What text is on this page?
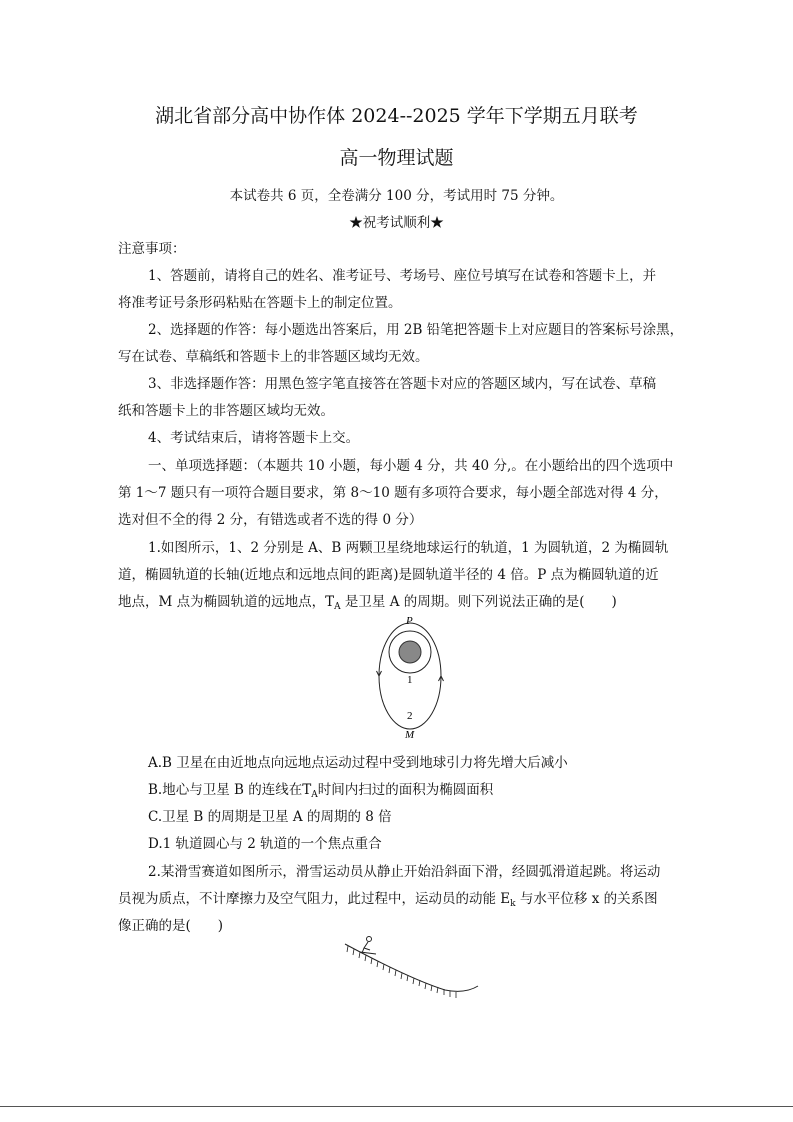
湖北省部分高中协作体 2024--2025 学年下学期五月联考
高一物理试题
本试卷共 6 页，全卷满分 100 分，考试用时 75 分钟。
★祝考试顺利★
注意事项：
1、答题前，请将自己的姓名、准考证号、考场号、座位号填写在试卷和答题卡上，并
将准考证号条形码粘贴在答题卡上的制定位置。
2、选择题的作答：每小题选出答案后，用 2B 铅笔把答题卡上对应题目的答案标号涂黑，
写在试卷、草稿纸和答题卡上的非答题区域均无效。
3、非选择题作答：用黑色签字笔直接答在答题卡对应的答题区域内，写在试卷、草稿
纸和答题卡上的非答题区域均无效。
4、考试结束后，请将答题卡上交。
一、单项选择题：（本题共 10 小题，每小题 4 分，共 40 分,。在小题给出的四个选项中
第 1～7 题只有一项符合题目要求，第 8～10 题有多项符合要求，每小题全部选对得 4 分，
选对但不全的得 2 分，有错选或者不选的得 0 分）
1.如图所示，1、2 分别是 A、B 两颗卫星绕地球运行的轨道，1 为圆轨道，2 为椭圆轨
道，椭圆轨道的长轴(近地点和远地点间的距离)是圆轨道半径的 4 倍。P 点为椭圆轨道的近
地点，M 点为椭圆轨道的远地点，$T_A$ 是卫星 A 的周期。则下列说法正确的是(　　)
P
1
2
M
A.B 卫星在由近地点向远地点运动过程中受到地球引力将先增大后减小
B.地心与卫星 B 的连线在$T_A$时间内扫过的面积为椭圆面积
C.卫星 B 的周期是卫星 A 的周期的 8 倍
D.1 轨道圆心与 2 轨道的一个焦点重合
2.某滑雪赛道如图所示，滑雪运动员从静止开始沿斜面下滑，经圆弧滑道起跳。将运动
员视为质点，不计摩擦力及空气阻力，此过程中，运动员的动能 $E_k$ 与水平位移 x 的关系图
像正确的是(　　)
